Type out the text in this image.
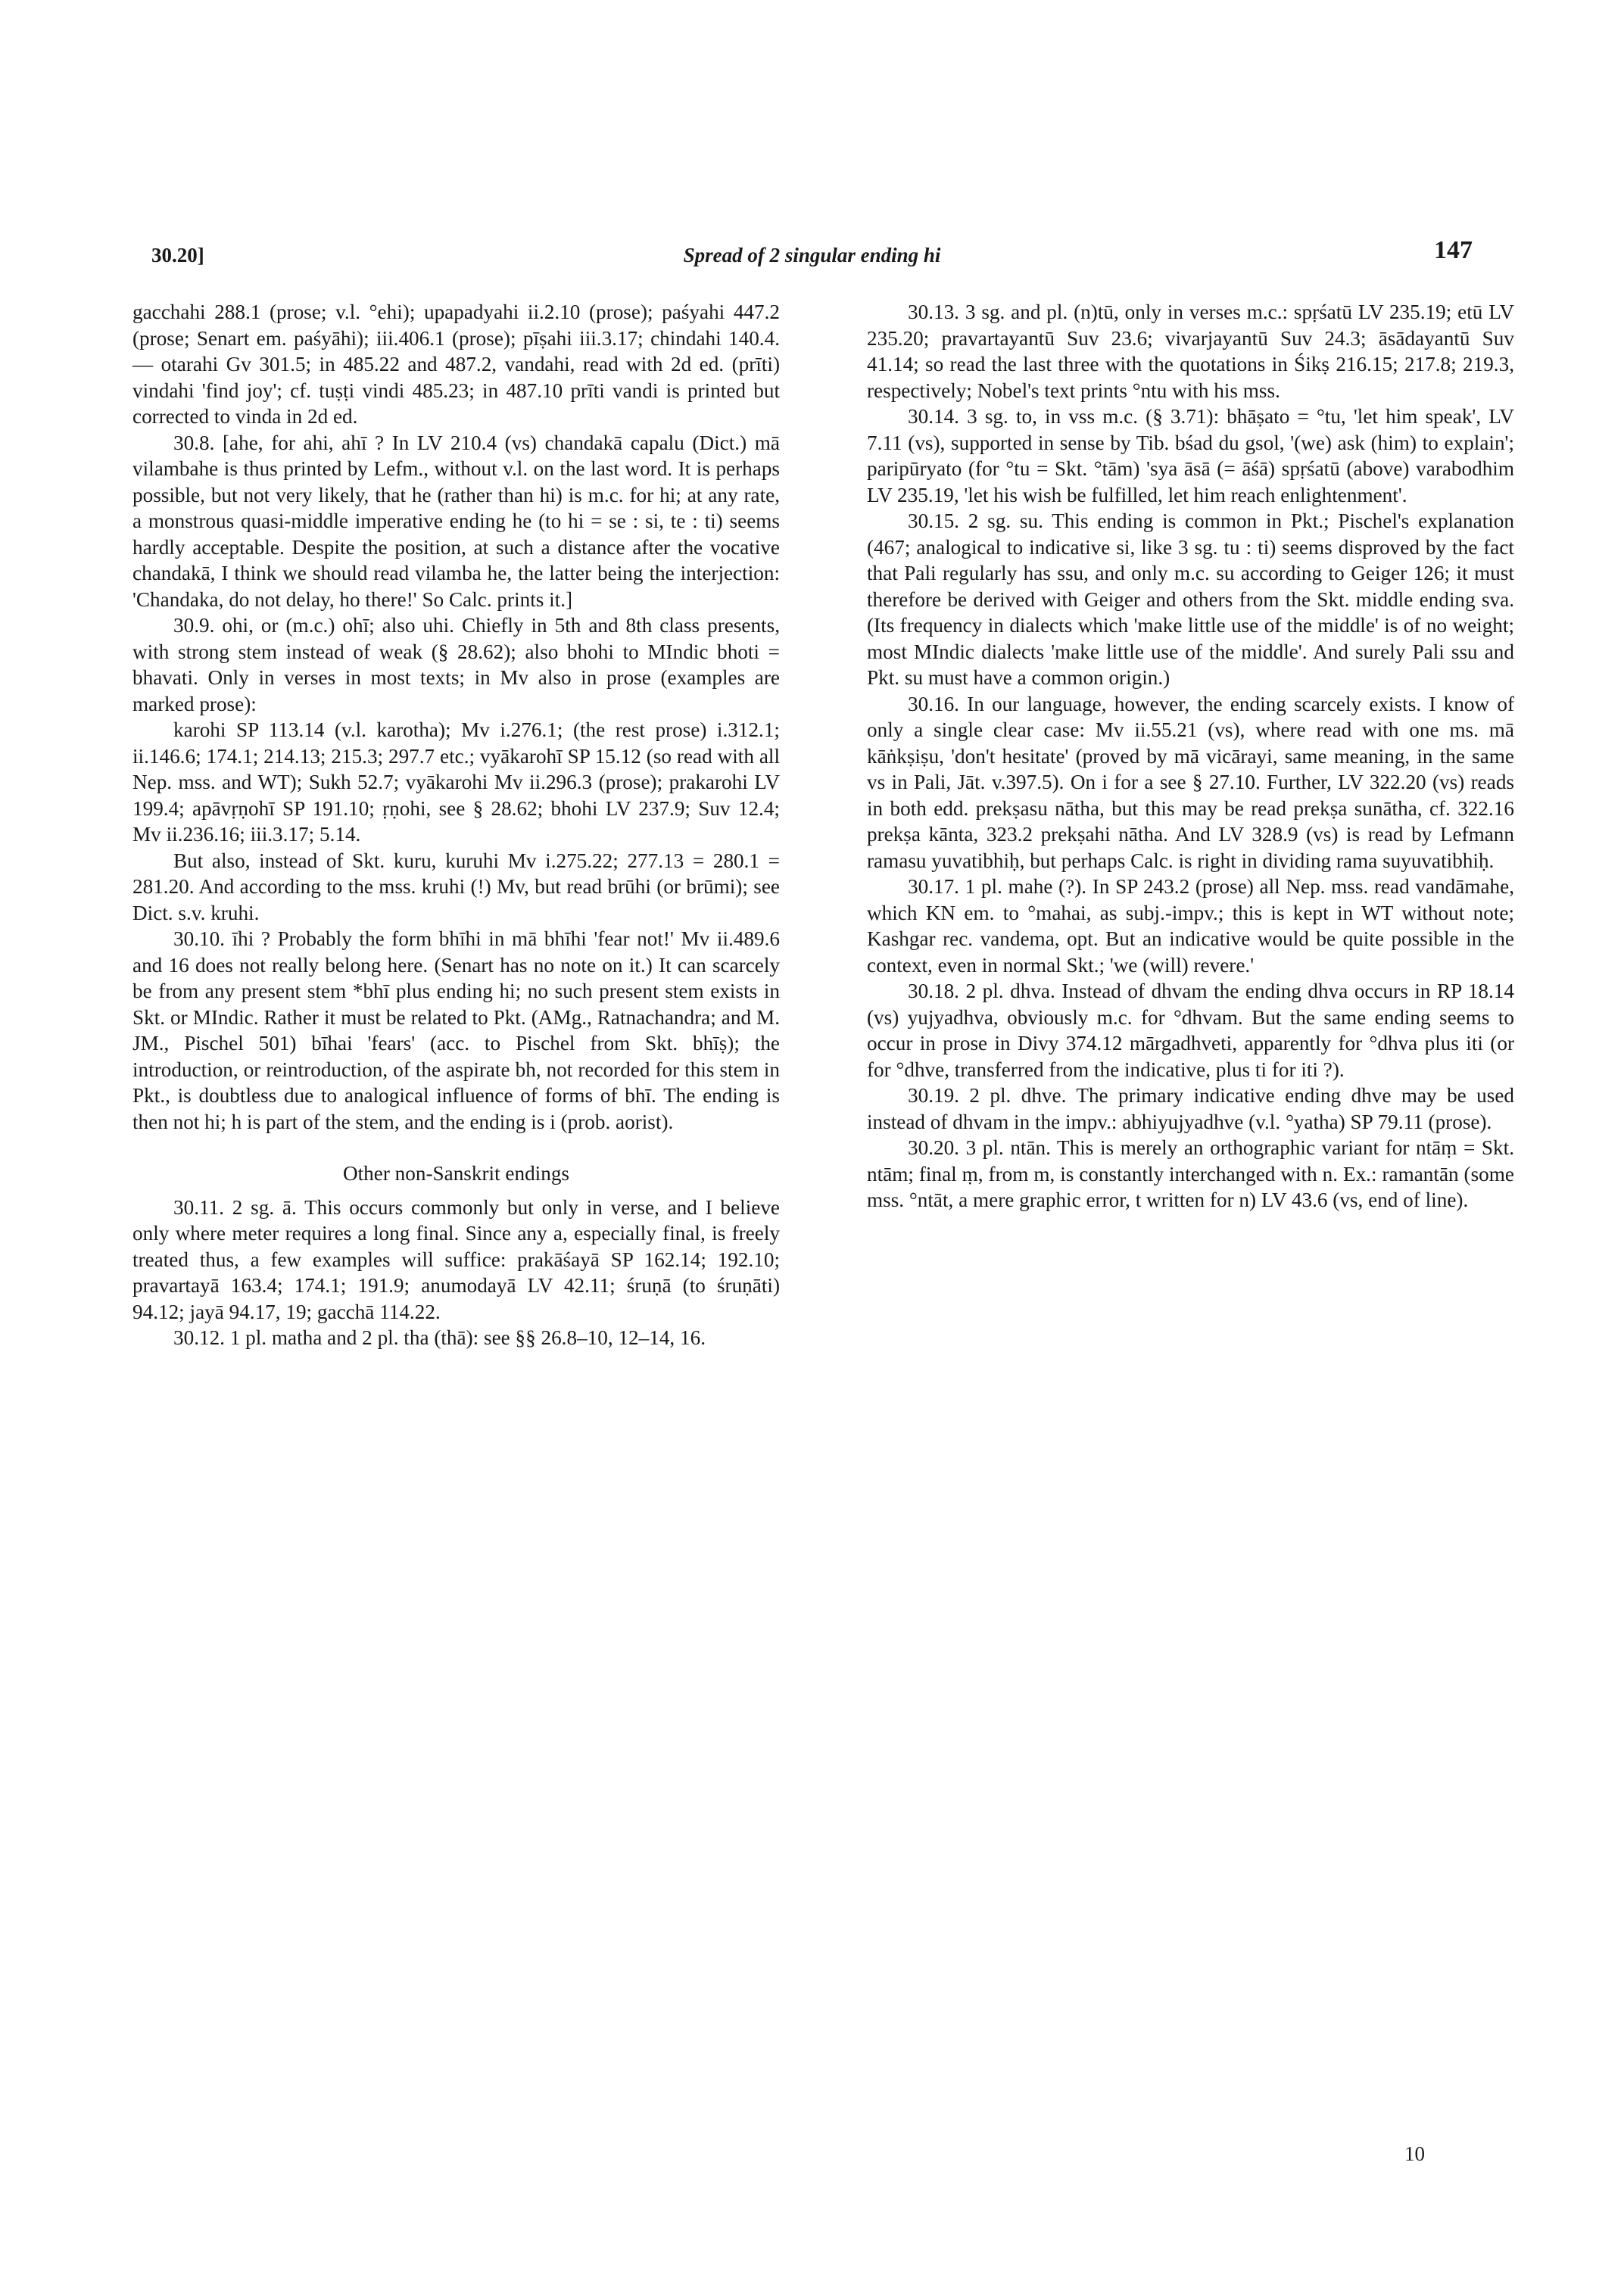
30.20]	Spread of 2 singular ending hi	147

gacchahi 288.1 (prose; v.l. °ehi); upapadyahi ii.2.10 (prose); paśyahi 447.2 (prose; Senart em. paśyāhi); iii.406.1 (prose); pīṣahi iii.3.17; chindahi 140.4. — otarahi Gv 301.5; in 485.22 and 487.2, vandahi, read with 2d ed. (prīti) vindahi 'find joy'; cf. tuṣṭi vindi 485.23; in 487.10 prīti vandi is printed but corrected to vinda in 2d ed.

30.8. [ahe, for ahi, ahī ? In LV 210.4 (vs) chandakā capalu (Dict.) mā vilambahe is thus printed by Lefm., without v.l. on the last word. It is perhaps possible, but not very likely, that he (rather than hi) is m.c. for hi; at any rate, a monstrous quasi-middle imperative ending he (to hi = se : si, te : ti) seems hardly acceptable. Despite the position, at such a distance after the vocative chandakā, I think we should read vilamba he, the latter being the interjection: 'Chandaka, do not delay, ho there!' So Calc. prints it.]

30.9. ohi, or (m.c.) ohī; also uhi. Chiefly in 5th and 8th class presents, with strong stem instead of weak (§ 28.62); also bhohi to MIndic bhoti = bhavati. Only in verses in most texts; in Mv also in prose (examples are marked prose):

karohi SP 113.14 (v.l. karotha); Mv i.276.1; (the rest prose) i.312.1; ii.146.6; 174.1; 214.13; 215.3; 297.7 etc.; vyākarohī SP 15.12 (so read with all Nep. mss. and WT); Sukh 52.7; vyākarohi Mv ii.296.3 (prose); prakarohi LV 199.4; apāvṛṇohī SP 191.10; ṛṇohi, see § 28.62; bhohi LV 237.9; Suv 12.4; Mv ii.236.16; iii.3.17; 5.14.

But also, instead of Skt. kuru, kuruhi Mv i.275.22; 277.13 = 280.1 = 281.20. And according to the mss. kruhi (!) Mv, but read brūhi (or brūmi); see Dict. s.v. kruhi.

30.10. īhi ? Probably the form bhīhi in mā bhīhi 'fear not!' Mv ii.489.6 and 16 does not really belong here. (Senart has no note on it.) It can scarcely be from any present stem *bhī plus ending hi; no such present stem exists in Skt. or MIndic. Rather it must be related to Pkt. (AMg., Ratnachandra; and M. JM., Pischel 501) bīhai 'fears' (acc. to Pischel from Skt. bhīṣ); the introduction, or reintroduction, of the aspirate bh, not recorded for this stem in Pkt., is doubtless due to analogical influence of forms of bhī. The ending is then not hi; h is part of the stem, and the ending is i (prob. aorist).

Other non-Sanskrit endings

30.11. 2 sg. ā. This occurs commonly but only in verse, and I believe only where meter requires a long final. Since any a, especially final, is freely treated thus, a few examples will suffice: prakāśayā SP 162.14; 192.10; pravartayā 163.4; 174.1; 191.9; anumodayā LV 42.11; śruṇā (to śruṇāti) 94.12; jayā 94.17, 19; gacchā 114.22.

30.12. 1 pl. matha and 2 pl. tha (thā): see §§ 26.8–10, 12–14, 16.

30.13. 3 sg. and pl. (n)tū, only in verses m.c.: spṛśatū LV 235.19; etū LV 235.20; pravartayantū Suv 23.6; vivarjayantū Suv 24.3; āsādayantū Suv 41.14; so read the last three with the quotations in Śikṣ 216.15; 217.8; 219.3, respectively; Nobel's text prints °ntu with his mss.

30.14. 3 sg. to, in vss m.c. (§ 3.71): bhāṣato = °tu, 'let him speak', LV 7.11 (vs), supported in sense by Tib. bśad du gsol, '(we) ask (him) to explain'; paripūryato (for °tu = Skt. °tām) 'sya āsā (= āśā) spṛśatū (above) varabodhim LV 235.19, 'let his wish be fulfilled, let him reach enlightenment'.

30.15. 2 sg. su. This ending is common in Pkt.; Pischel's explanation (467; analogical to indicative si, like 3 sg. tu : ti) seems disproved by the fact that Pali regularly has ssu, and only m.c. su according to Geiger 126; it must therefore be derived with Geiger and others from the Skt. middle ending sva. (Its frequency in dialects which 'make little use of the middle' is of no weight; most MIndic dialects 'make little use of the middle'. And surely Pali ssu and Pkt. su must have a common origin.)

30.16. In our language, however, the ending scarcely exists. I know of only a single clear case: Mv ii.55.21 (vs), where read with one ms. mā kāṅkṣiṣu, 'don't hesitate' (proved by mā vicārayi, same meaning, in the same vs in Pali, Jāt. v.397.5). On i for a see § 27.10. Further, LV 322.20 (vs) reads in both edd. prekṣasu nātha, but this may be read prekṣa sunātha, cf. 322.16 prekṣa kānta, 323.2 prekṣahi nātha. And LV 328.9 (vs) is read by Lefmann ramasu yuvatibhiḥ, but perhaps Calc. is right in dividing rama suyuvatibhiḥ.

30.17. 1 pl. mahe (?). In SP 243.2 (prose) all Nep. mss. read vandāmahe, which KN em. to °mahai, as subj.-impv.; this is kept in WT without note; Kashgar rec. vandema, opt. But an indicative would be quite possible in the context, even in normal Skt.; 'we (will) revere.'

30.18. 2 pl. dhva. Instead of dhvam the ending dhva occurs in RP 18.14 (vs) yujyadhva, obviously m.c. for °dhvam. But the same ending seems to occur in prose in Divy 374.12 mārgadhveti, apparently for °dhva plus iti (or for °dhve, transferred from the indicative, plus ti for iti ?).

30.19. 2 pl. dhve. The primary indicative ending dhve may be used instead of dhvam in the impv.: abhiyujyadhve (v.l. °yatha) SP 79.11 (prose).

30.20. 3 pl. ntān. This is merely an orthographic variant for ntāṃ = Skt. ntām; final ṃ, from m, is constantly interchanged with n. Ex.: ramantān (some mss. °ntāt, a mere graphic error, t written for n) LV 43.6 (vs, end of line).

10
